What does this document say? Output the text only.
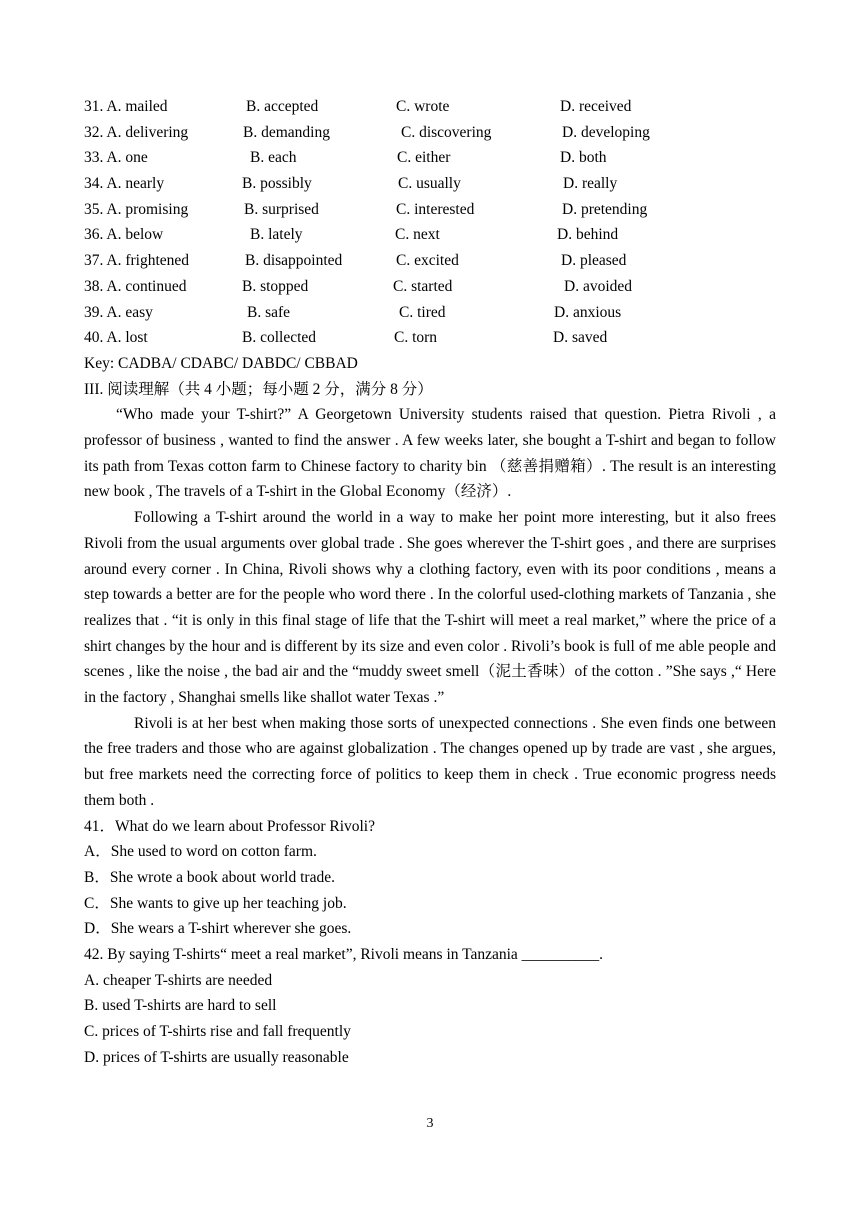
31. A. mailed	B. accepted	C. wrote	D. received
32. A. delivering	B. demanding	C. discovering	D. developing
33. A. one	B. each	C. either	D. both
34. A. nearly	B. possibly	C. usually	D. really
35. A. promising	B. surprised	C. interested	D. pretending
36. A. below	B. lately	C. next	D. behind
37. A. frightened	B. disappointed	C. excited	D. pleased
38. A. continued	B. stopped	C. started	D. avoided
39. A. easy	B. safe	C. tired	D. anxious
40. A. lost	B. collected	C. torn	D. saved
Key: CADBA/ CDABC/ DABDC/ CBBAD
III. 阅读理解（共 4 小题；每小题 2 分，满分 8 分）

“Who made your T-shirt?” A Georgetown University students raised that question. Pietra Rivoli , a professor of business , wanted to find the answer . A few weeks later, she bought a T-shirt and began to follow its path from Texas cotton farm to Chinese factory to charity bin （慈善捐赠箱）. The result is an interesting new book , The travels of a T-shirt in the Global Economy（经济）.

Following a T-shirt around the world in a way to make her point more interesting, but it also frees Rivoli from the usual arguments over global trade . She goes wherever the T-shirt goes , and there are surprises around every corner . In China, Rivoli shows why a clothing factory, even with its poor conditions , means a step towards a better are for the people who word there . In the colorful used-clothing markets of Tanzania , she realizes that . “it is only in this final stage of life that the T-shirt will meet a real market,” where the price of a shirt changes by the hour and is different by its size and even color . Rivoli’s book is full of me able people and scenes , like the noise , the bad air and the “muddy sweet smell（泥土香味）of the cotton . ”She says ,“ Here in the factory , Shanghai smells like shallot water Texas .”

Rivoli is at her best when making those sorts of unexpected connections . She even finds one between the free traders and those who are against globalization . The changes opened up by trade are vast , she argues, but free markets need the correcting force of politics to keep them in check . True economic progress needs them both .

41．What do we learn about Professor Rivoli?
A．She used to word on cotton farm.
B．She wrote a book about world trade.
C．She wants to give up her teaching job.
D．She wears a T-shirt wherever she goes.
42. By saying T-shirts“ meet a real market”, Rivoli means in Tanzania __________.
A. cheaper T-shirts are needed
B. used T-shirts are hard to sell
C. prices of T-shirts rise and fall frequently
D. prices of T-shirts are usually reasonable
3
